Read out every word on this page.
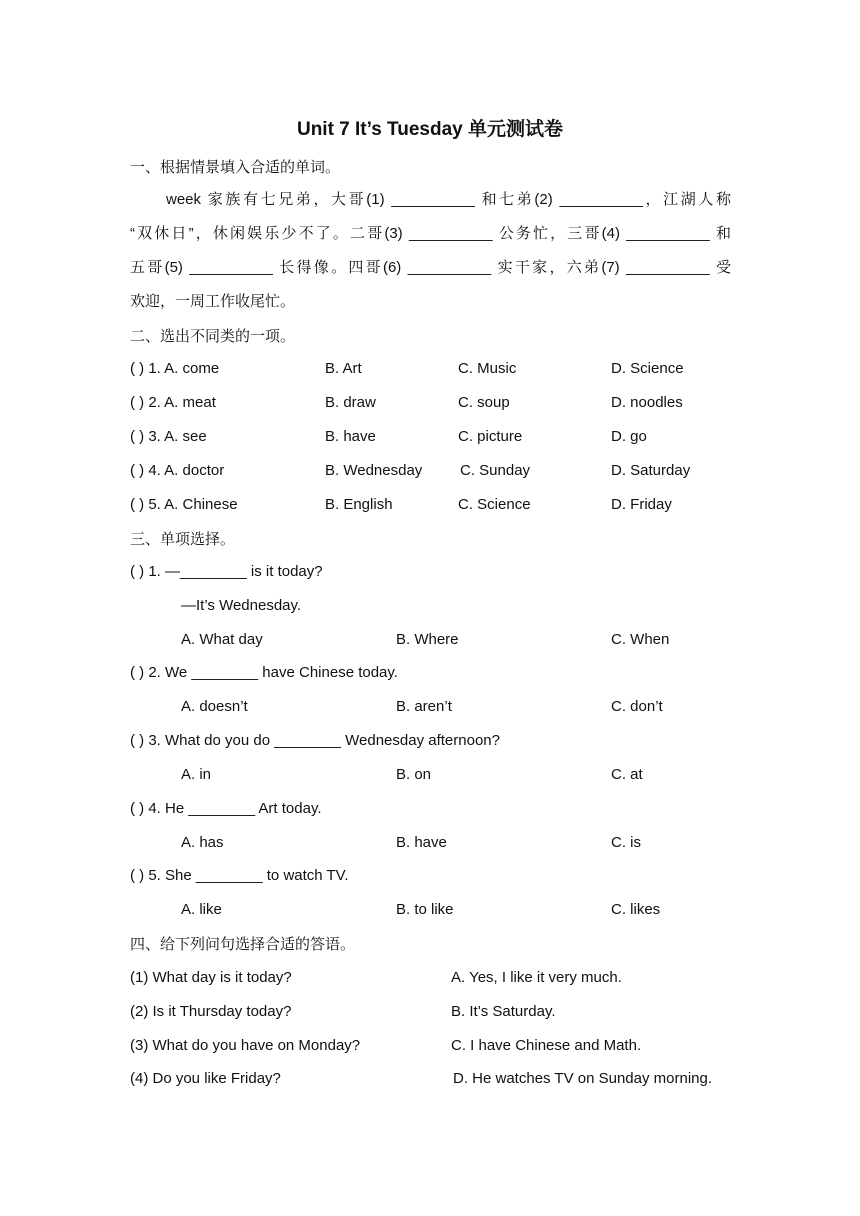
Unit 7 It’s Tuesday 单元测试卷
一、根据情景填入合适的单词。

week 家族有七兄弟，大哥(1) __________ 和七弟(2) __________，江湖人称

“双休日”，休闲娱乐少不了。二哥(3) __________ 公务忙，三哥(4) __________ 和

五哥(5) __________ 长得像。四哥(6) __________ 实干家，六弟(7) __________ 受

欢迎，一周工作收尾忙。

二、选出不同类的一项。
( ) 1. A. come	B. Art	C. Music	D. Science
( ) 2. A. meat	B. draw	C. soup	D. noodles
( ) 3. A. see	B. have	C. picture	D. go
( ) 4. A. doctor	B. Wednesday	C. Sunday	D. Saturday
( ) 5. A. Chinese	B. English	C. Science	D. Friday
三、单项选择。
( ) 1. —________ is it today?
—It’s Wednesday.
A. What day	B. Where	C. When
( ) 2. We ________ have Chinese today.
A. doesn’t	B. aren’t	C. don’t
( ) 3. What do you do ________ Wednesday afternoon?
A. in	B. on	C. at
( ) 4. He ________ Art today.
A. has	B. have	C. is
( ) 5. She ________ to watch TV.
A. like	B. to like	C. likes
四、给下列问句选择合适的答语。
(1) What day is it today?	A. Yes, I like it very much.
(2) Is it Thursday today?	B. It’s Saturday.
(3) What do you have on Monday?	C. I have Chinese and Math.
(4) Do you like Friday?	D. He watches TV on Sunday morning.
